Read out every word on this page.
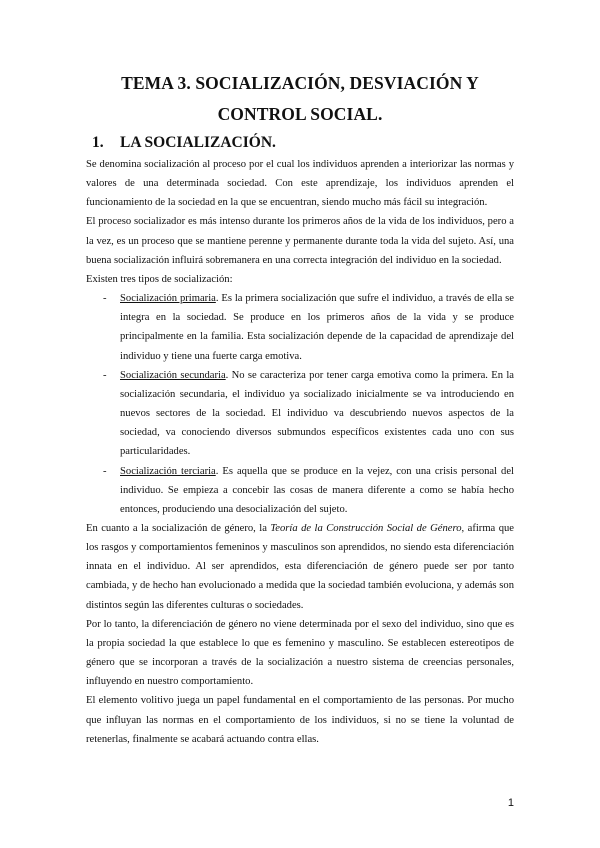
TEMA 3. SOCIALIZACIÓN, DESVIACIÓN Y
CONTROL SOCIAL.
1. LA SOCIALIZACIÓN.

Se denomina socialización al proceso por el cual los individuos aprenden a interiorizar las normas y valores de una determinada sociedad. Con este aprendizaje, los individuos aprenden el funcionamiento de la sociedad en la que se encuentran, siendo mucho más fácil su integración.

El proceso socializador es más intenso durante los primeros años de la vida de los individuos, pero a la vez, es un proceso que se mantiene perenne y permanente durante toda la vida del sujeto. Así, una buena socialización influirá sobremanera en una correcta integración del individuo en la sociedad.

Existen tres tipos de socialización:

- Socialización primaria. Es la primera socialización que sufre el individuo, a través de ella se integra en la sociedad. Se produce en los primeros años de la vida y se produce principalmente en la familia. Esta socialización depende de la capacidad de aprendizaje del individuo y tiene una fuerte carga emotiva.
- Socialización secundaria. No se caracteriza por tener carga emotiva como la primera. En la socialización secundaria, el individuo ya socializado inicialmente se va introduciendo en nuevos sectores de la sociedad. El individuo va descubriendo nuevos aspectos de la sociedad, va conociendo diversos submundos específicos existentes cada uno con sus particularidades.
- Socialización terciaria. Es aquella que se produce en la vejez, con una crisis personal del individuo. Se empieza a concebir las cosas de manera diferente a como se había hecho entonces, produciendo una desocialización del sujeto.

En cuanto a la socialización de género, la Teoría de la Construcción Social de Género, afirma que los rasgos y comportamientos femeninos y masculinos son aprendidos, no siendo esta diferenciación innata en el individuo. Al ser aprendidos, esta diferenciación de género puede ser por tanto cambiada, y de hecho han evolucionado a medida que la sociedad también evoluciona, y además son distintos según las diferentes culturas o sociedades.

Por lo tanto, la diferenciación de género no viene determinada por el sexo del individuo, sino que es la propia sociedad la que establece lo que es femenino y masculino. Se establecen estereotipos de género que se incorporan a través de la socialización a nuestro sistema de creencias personales, influyendo en nuestro comportamiento.

El elemento volitivo juega un papel fundamental en el comportamiento de las personas. Por mucho que influyan las normas en el comportamiento de los individuos, si no se tiene la voluntad de retenerlas, finalmente se acabará actuando contra ellas.

1
